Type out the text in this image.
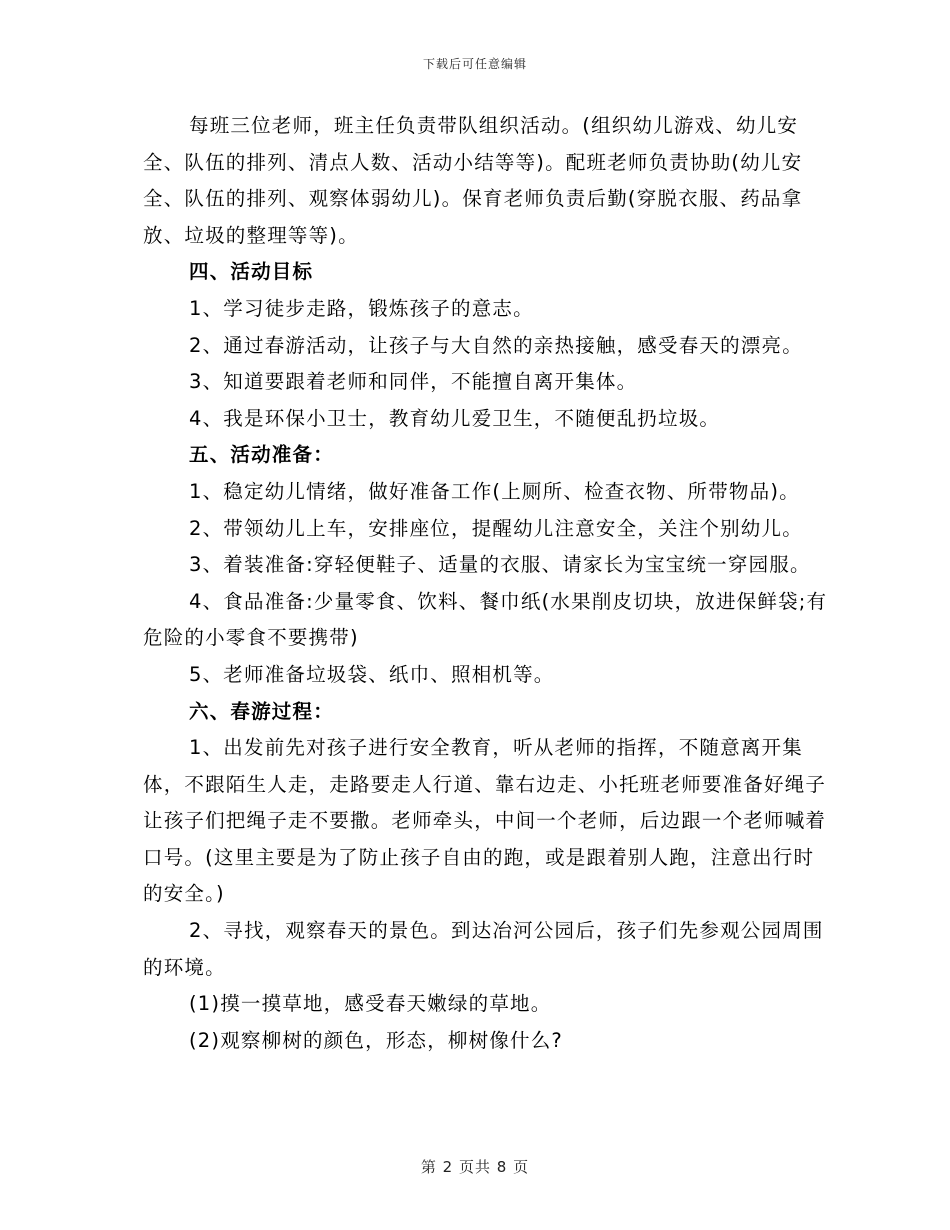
下载后可任意编辑

每班三位老师，班主任负责带队组织活动。(组织幼儿游戏、幼儿安全、队伍的排列、清点人数、活动小结等等)。配班老师负责协助(幼儿安全、队伍的排列、观察体弱幼儿)。保育老师负责后勤(穿脱衣服、药品拿放、垃圾的整理等等)。

四、活动目标

1、学习徒步走路，锻炼孩子的意志。

2、通过春游活动，让孩子与大自然的亲热接触，感受春天的漂亮。

3、知道要跟着老师和同伴，不能擅自离开集体。

4、我是环保小卫士，教育幼儿爱卫生，不随便乱扔垃圾。

五、活动准备：

1、稳定幼儿情绪，做好准备工作(上厕所、检查衣物、所带物品)。

2、带领幼儿上车，安排座位，提醒幼儿注意安全，关注个别幼儿。

3、着装准备:穿轻便鞋子、适量的衣服、请家长为宝宝统一穿园服。

4、食品准备:少量零食、饮料、餐巾纸(水果削皮切块，放进保鲜袋;有危险的小零食不要携带)

5、老师准备垃圾袋、纸巾、照相机等。

六、春游过程：

1、出发前先对孩子进行安全教育，听从老师的指挥，不随意离开集体，不跟陌生人走，走路要走人行道、靠右边走、小托班老师要准备好绳子让孩子们把绳子走不要撒。老师牵头，中间一个老师，后边跟一个老师喊着口号。(这里主要是为了防止孩子自由的跑，或是跟着别人跑，注意出行时的安全。)

2、寻找，观察春天的景色。到达冶河公园后，孩子们先参观公园周围的环境。

(1)摸一摸草地，感受春天嫩绿的草地。

(2)观察柳树的颜色，形态，柳树像什么?

第 2 页共 8 页
